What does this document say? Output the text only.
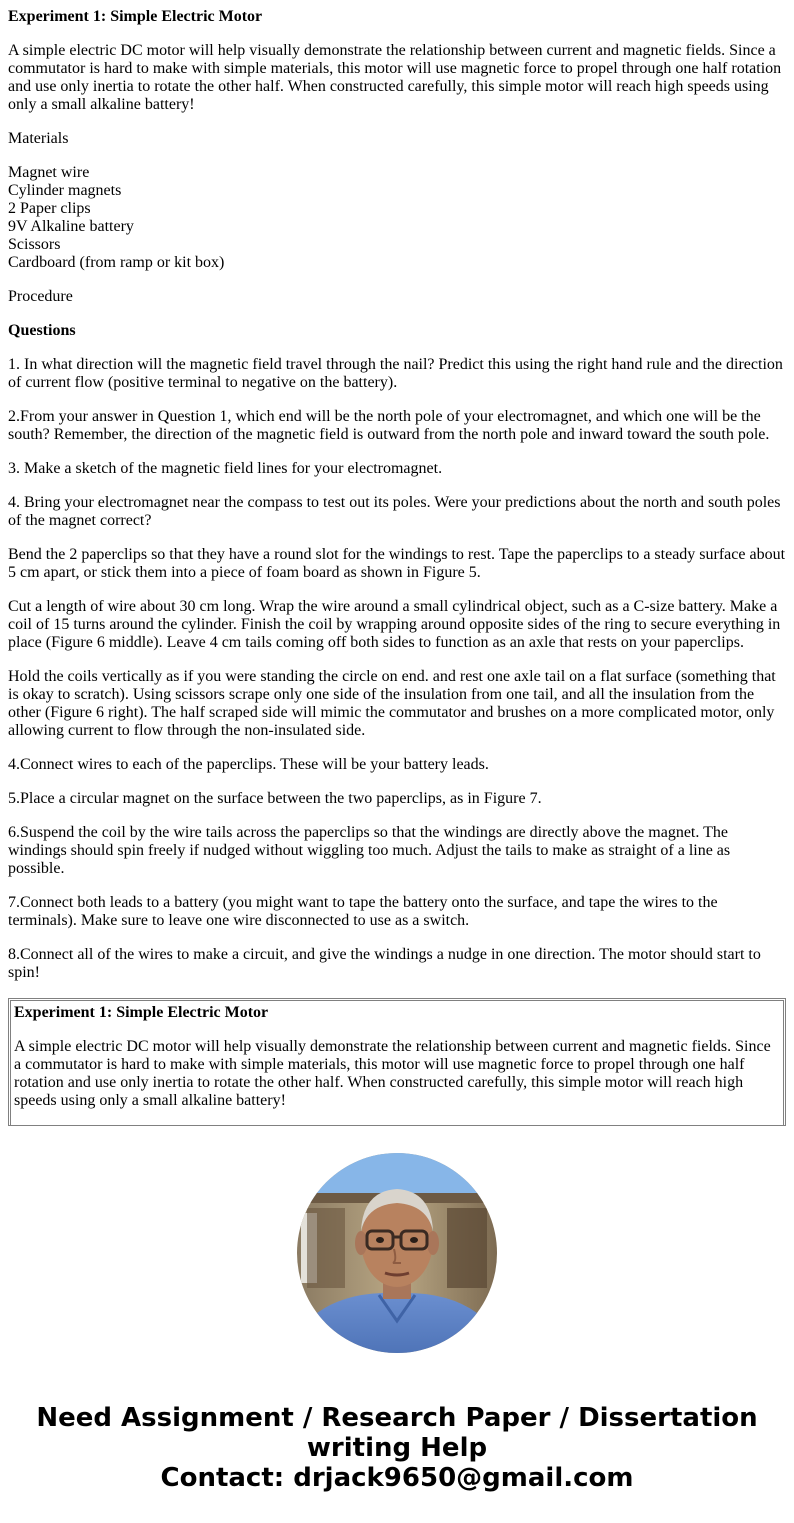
Experiment 1: Simple Electric Motor

A simple electric DC motor will help visually demonstrate the relationship between current and magnetic fields. Since a commutator is hard to make with simple materials, this motor will use magnetic force to propel through one half rotation and use only inertia to rotate the other half. When constructed carefully, this simple motor will reach high speeds using only a small alkaline battery!

Materials

Magnet wire
Cylinder magnets
2 Paper clips
9V Alkaline battery
Scissors
Cardboard (from ramp or kit box)

Procedure

Questions

1. In what direction will the magnetic field travel through the nail? Predict this using the right hand rule and the direction of current flow (positive terminal to negative on the battery).

2.From your answer in Question 1, which end will be the north pole of your electromagnet, and which one will be the south? Remember, the direction of the magnetic field is outward from the north pole and inward toward the south pole.

3. Make a sketch of the magnetic field lines for your electromagnet.

4. Bring your electromagnet near the compass to test out its poles. Were your predictions about the north and south poles of the magnet correct?

Bend the 2 paperclips so that they have a round slot for the windings to rest. Tape the paperclips to a steady surface about 5 cm apart, or stick them into a piece of foam board as shown in Figure 5.

Cut a length of wire about 30 cm long. Wrap the wire around a small cylindrical object, such as a C-size battery. Make a coil of 15 turns around the cylinder. Finish the coil by wrapping around opposite sides of the ring to secure everything in place (Figure 6 middle). Leave 4 cm tails coming off both sides to function as an axle that rests on your paperclips.

Hold the coils vertically as if you were standing the circle on end. and rest one axle tail on a flat surface (something that is okay to scratch). Using scissors scrape only one side of the insulation from one tail, and all the insulation from the other (Figure 6 right). The half scraped side will mimic the commutator and brushes on a more complicated motor, only allowing current to flow through the non-insulated side.

4.Connect wires to each of the paperclips. These will be your battery leads.

5.Place a circular magnet on the surface between the two paperclips, as in Figure 7.

6.Suspend the coil by the wire tails across the paperclips so that the windings are directly above the magnet. The windings should spin freely if nudged without wiggling too much. Adjust the tails to make as straight of a line as possible.

7.Connect both leads to a battery (you might want to tape the battery onto the surface, and tape the wires to the terminals). Make sure to leave one wire disconnected to use as a switch.

8.Connect all of the wires to make a circuit, and give the windings a nudge in one direction. The motor should start to spin!

Experiment 1: Simple Electric Motor

A simple electric DC motor will help visually demonstrate the relationship between current and magnetic fields. Since a commutator is hard to make with simple materials, this motor will use magnetic force to propel through one half rotation and use only inertia to rotate the other half. When constructed carefully, this simple motor will reach high speeds using only a small alkaline battery!

Need Assignment / Research Paper / Dissertation
writing Help
Contact: drjack9650@gmail.com
